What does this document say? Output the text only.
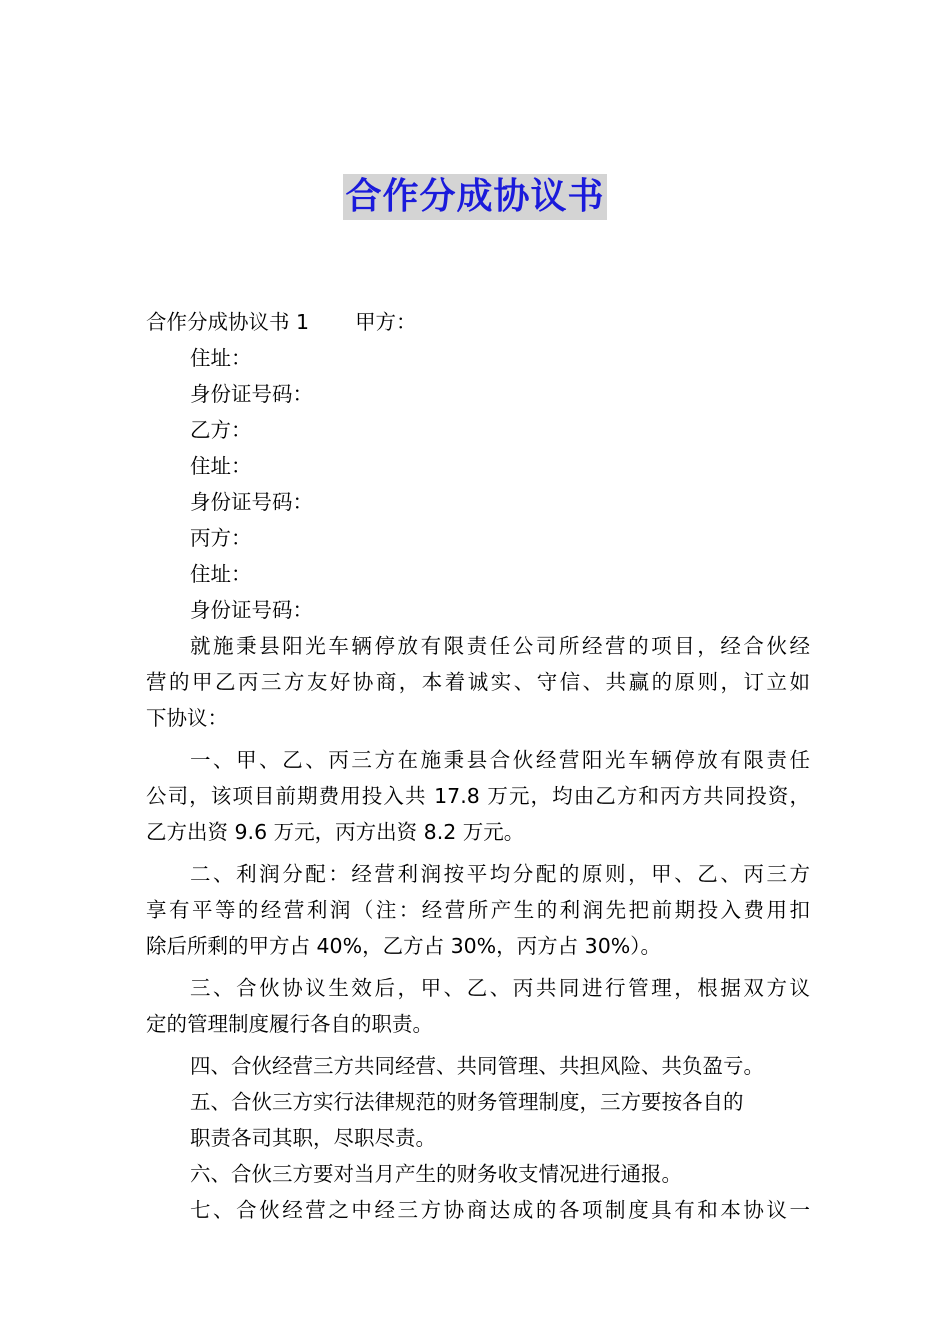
合作分成协议书
合作分成协议书 1 甲方：
住址：
身份证号码：
乙方：
住址：
身份证号码：
丙方：
住址：
身份证号码：
就施秉县阳光车辆停放有限责任公司所经营的项目，经合伙经
营的甲乙丙三方友好协商，本着诚实、守信、共赢的原则，订立如
下协议：
一、甲、乙、丙三方在施秉县合伙经营阳光车辆停放有限责任
公司，该项目前期费用投入共 17.8 万元，均由乙方和丙方共同投资，
乙方出资 9.6 万元，丙方出资 8.2 万元。
二、利润分配：经营利润按平均分配的原则，甲、乙、丙三方
享有平等的经营利润（注：经营所产生的利润先把前期投入费用扣
除后所剩的甲方占 40%，乙方占 30%，丙方占 30%）。
三、合伙协议生效后，甲、乙、丙共同进行管理，根据双方议
定的管理制度履行各自的职责。
四、合伙经营三方共同经营、共同管理、共担风险、共负盈亏。
五、合伙三方实行法律规范的财务管理制度，三方要按各自的
职责各司其职，尽职尽责。
六、合伙三方要对当月产生的财务收支情况进行通报。
七、合伙经营之中经三方协商达成的各项制度具有和本协议一
